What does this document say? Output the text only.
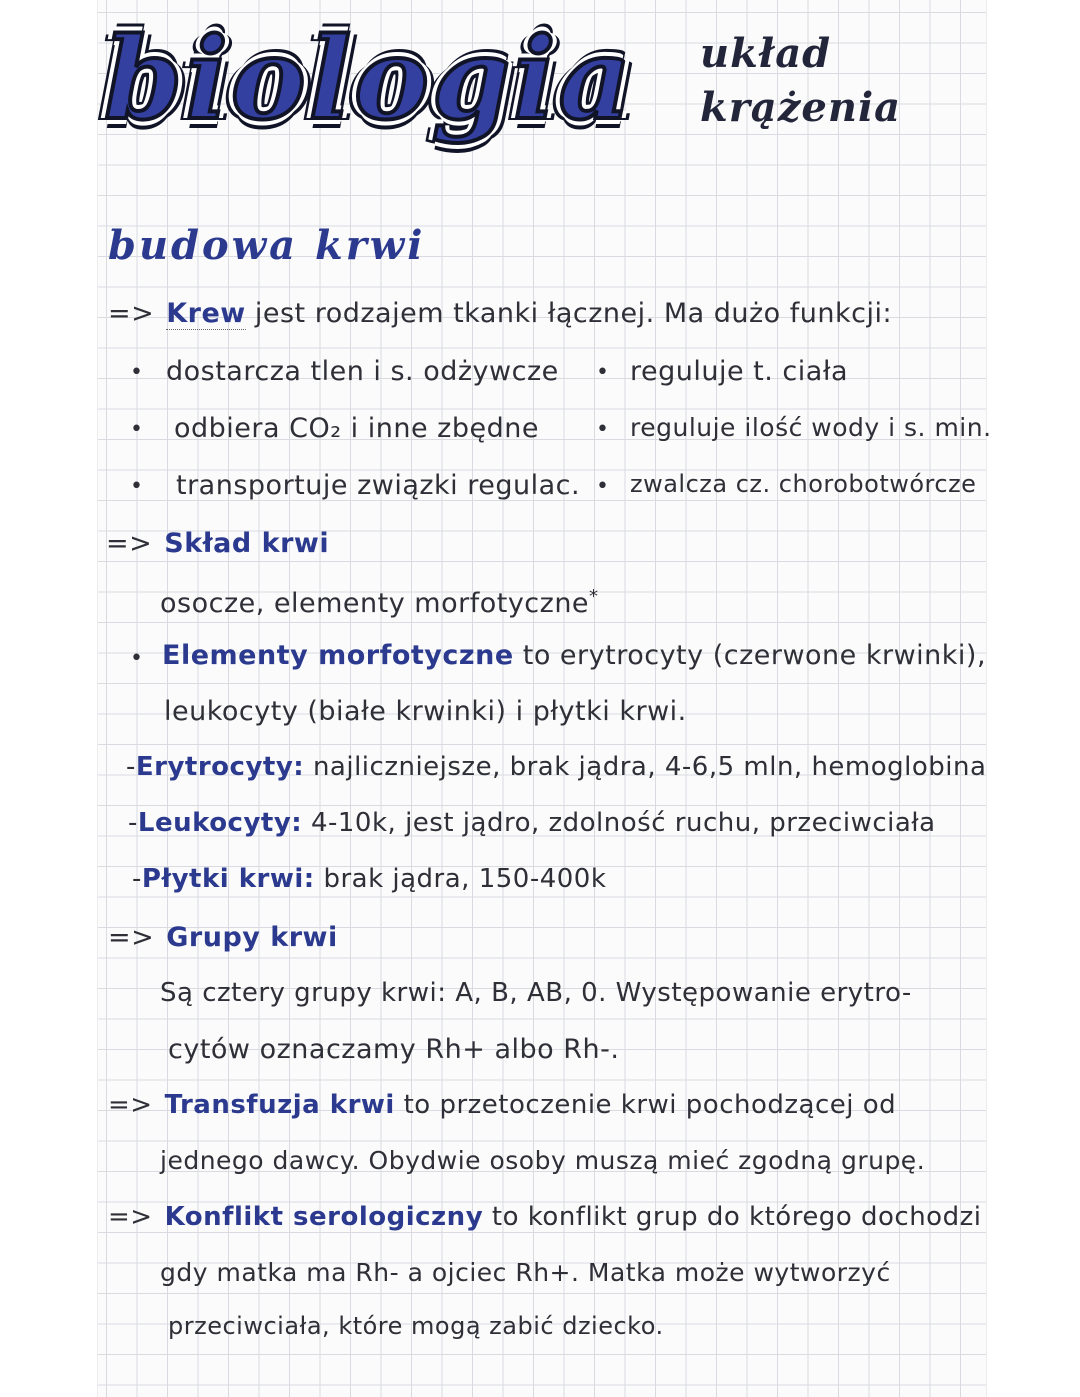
biologia układ
krążenia
budowa krwi
=> Krew jest rodzajem tkanki łącznej. Ma dużo funkcji:
• dostarcza tlen i s. odżywcze
• odbiera CO₂ i inne zbędne
• transportuje związki regulac.
• reguluje t. ciała
• reguluje ilość wody i s. min.
• zwalcza cz. chorobotwórcze
=> Skład krwi
osocze, elementy morfotyczne*
• Elementy morfotyczne to erytrocyty (czerwone krwinki),
leukocyty (białe krwinki) i płytki krwi.
-Erytrocyty: najliczniejsze, brak jądra, 4-6,5 mln, hemoglobina
-Leukocyty: 4-10k, jest jądro, zdolność ruchu, przeciwciała
-Płytki krwi: brak jądra, 150-400k
=> Grupy krwi
Są cztery grupy krwi: A, B, AB, 0. Występowanie erytro-
cytów oznaczamy Rh+ albo Rh-.
=> Transfuzja krwi to przetoczenie krwi pochodzącej od
jednego dawcy. Obydwie osoby muszą mieć zgodną grupę.
=> Konflikt serologiczny to konflikt grup do którego dochodzi
gdy matka ma Rh- a ojciec Rh+. Matka może wytworzyć
przeciwciała, które mogą zabić dziecko.
